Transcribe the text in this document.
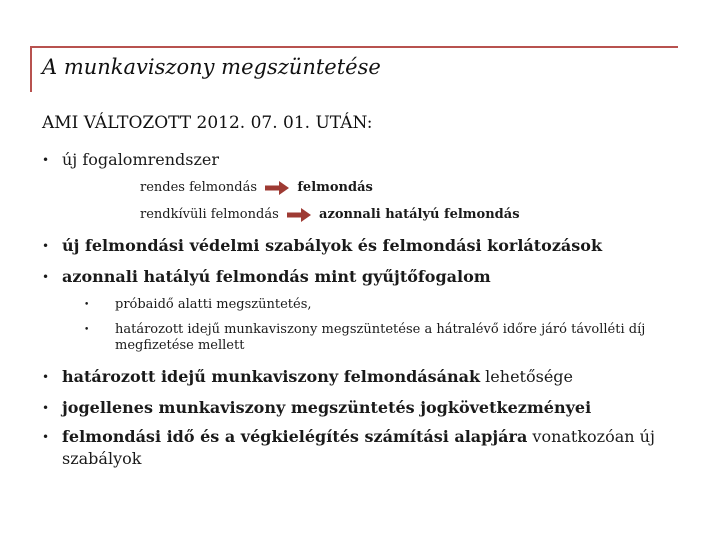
A munkaviszony megszüntetése
AMI VÁLTOZOTT 2012. 07. 01. UTÁN:
• új fogalomrendszer
rendes felmondás	felmondás
rendkívüli felmondás	azonnali hatályú felmondás
• új felmondási védelmi szabályok és felmondási korlátozások
• azonnali hatályú felmondás mint gyűjtőfogalom
• próbaidő alatti megszüntetés,
• határozott idejű munkaviszony megszüntetése a hátralévő időre járó távolléti díj megfizetése mellett
• határozott idejű munkaviszony felmondásának lehetősége
• jogellenes munkaviszony megszüntetés jogkövetkezményei
• felmondási idő és a végkielégítés számítási alapjára vonatkozóan új szabályok
